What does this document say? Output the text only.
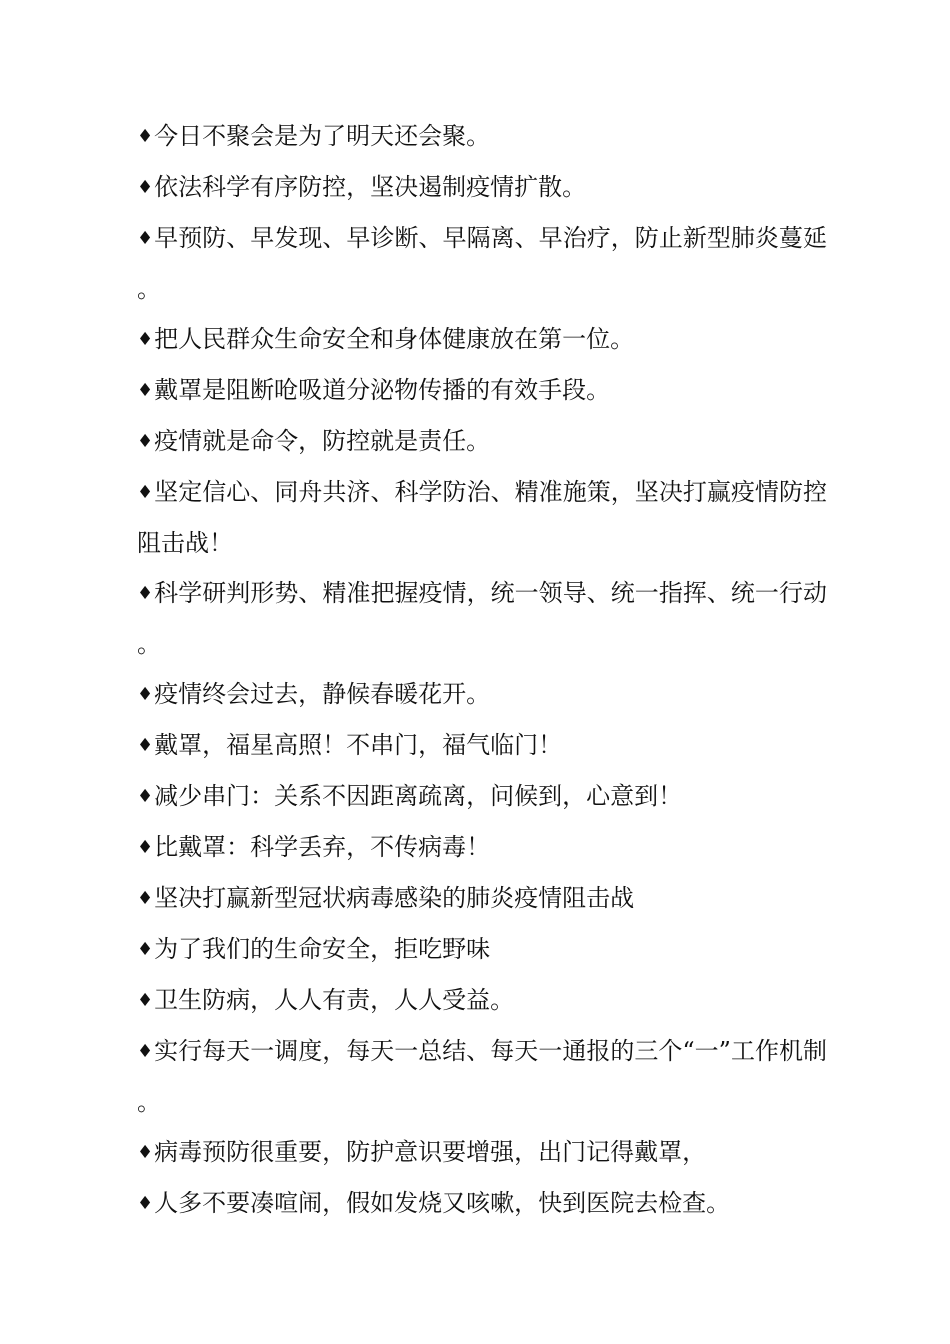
♦今日不聚会是为了明天还会聚。

♦依法科学有序防控，坚决遏制疫情扩散。

♦早预防、早发现、早诊断、早隔离、早治疗，防止新型肺炎蔓延。

♦把人民群众生命安全和身体健康放在第一位。

♦戴罩是阻断呛吸道分泌物传播的有效手段。

♦疫情就是命令，防控就是责任。

♦坚定信心、同舟共济、科学防治、精准施策，坚决打赢疫情防控阻击战！

♦科学研判形势、精准把握疫情，统一领导、统一指挥、统一行动。

♦疫情终会过去，静候春暖花开。

♦戴罩，福星高照！不串门，福气临门！

♦减少串门：关系不因距离疏离，问候到，心意到！

♦比戴罩：科学丢弃，不传病毒！

♦坚决打赢新型冠状病毒感染的肺炎疫情阻击战

♦为了我们的生命安全，拒吃野味

♦卫生防病，人人有责，人人受益。

♦实行每天一调度，每天一总结、每天一通报的三个“一”工作机制。

♦病毒预防很重要，防护意识要增强，出门记得戴罩，

♦人多不要凑喧闹，假如发烧又咳嗽，快到医院去检查。
